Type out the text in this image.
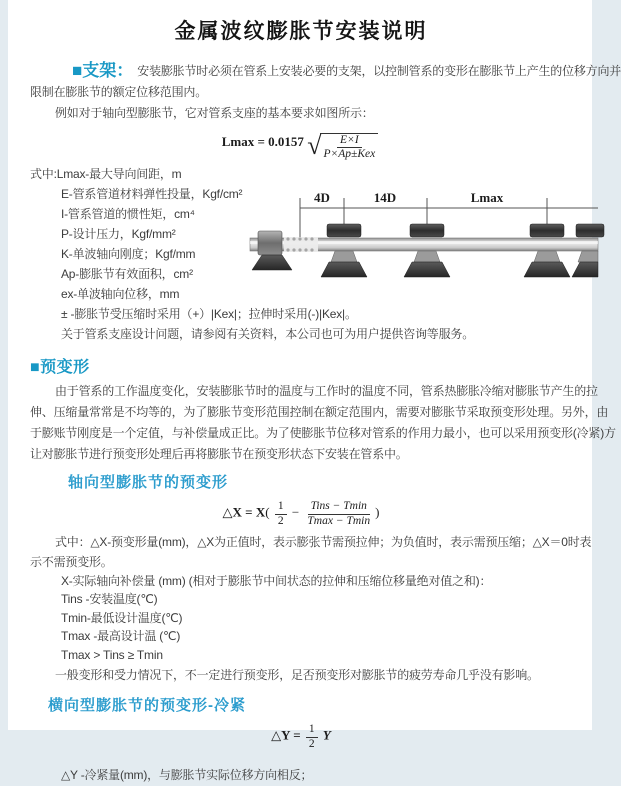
金属波纹膨胀节安装说明

■支架： 安装膨胀节时必须在管系上安装必要的支架，以控制管系的变形在膨胀节上产生的位移方向并

限制在膨胀节的额定位移范围内。

例如对于轴向型膨胀节，它对管系支座的基本要求如图所示：

Lmax = 0.0157 √ $\frac{E\times I}{\text{P×Ap±Kex}}$

式中:Lmax-最大导向间距，m

E-管系管道材料弹性投量，Kgf/cm²

I-管系管道的惯性矩，cm⁴

P-设计压力，Kgf/mm²

K-单波轴向刚度；Kgf/mm

Ap-膨胀节有效面积，cm²

ex-单波轴向位移，mm

± -膨胀节受压缩时采用（+）|Kex|；拉伸时采用(-)|Kex|。

关于管系支座设计问题，请参阅有关资料，本公司也可为用户提供咨询等服务。

4D	14D	Lmax
■预变形

由于管系的工作温度变化，安装膨胀节时的温度与工作时的温度不同，管系热膨胀冷缩对膨胀节产生的拉

伸、压缩量常常是不均等的，为了膨胀节变形范围控制在额定范围内，需要对膨胀节采取预变形处理。另外，由

于膨账节刚度是一个定值，与补偿量成正比。为了使膨胀节位移对管系的作用力最小，也可以采用预变形(冷紧)方

让对膨胀节进行预变形处理后再将膨胀节在预变形状态下安装在管系中。

轴向型膨胀节的预变形
△X = $X( \frac{1}{2} - \frac{\text{Tins − Tmin}}{Tmax - Tmin}$ )

式中：△X-预变形量(mm)，△X为正值时，表示膨张节需预拉伸；为负值时，表示需预压缩；△X＝0时表

示不需预变形。

X-实际轴向补偿量 (mm) (相对于膨胀节中间状态的拉伸和压缩位移量绝对值之和)：

Tins -安装温度(℃)

Tmin-最低设计温度(℃)

Tmax -最高设计温 (℃)

Tmax > Tins ≥ Tmin

一般变形和受力情况下，不一定进行预变形，足否预变形对膨胀节的疲劳寿命几乎没有影响。

横向型膨胀节的预变形-冷紧
△Y = $\frac{1}{2}$ Y

△Y -冷紧量(mm)，与膨胀节实际位移方向相反；
